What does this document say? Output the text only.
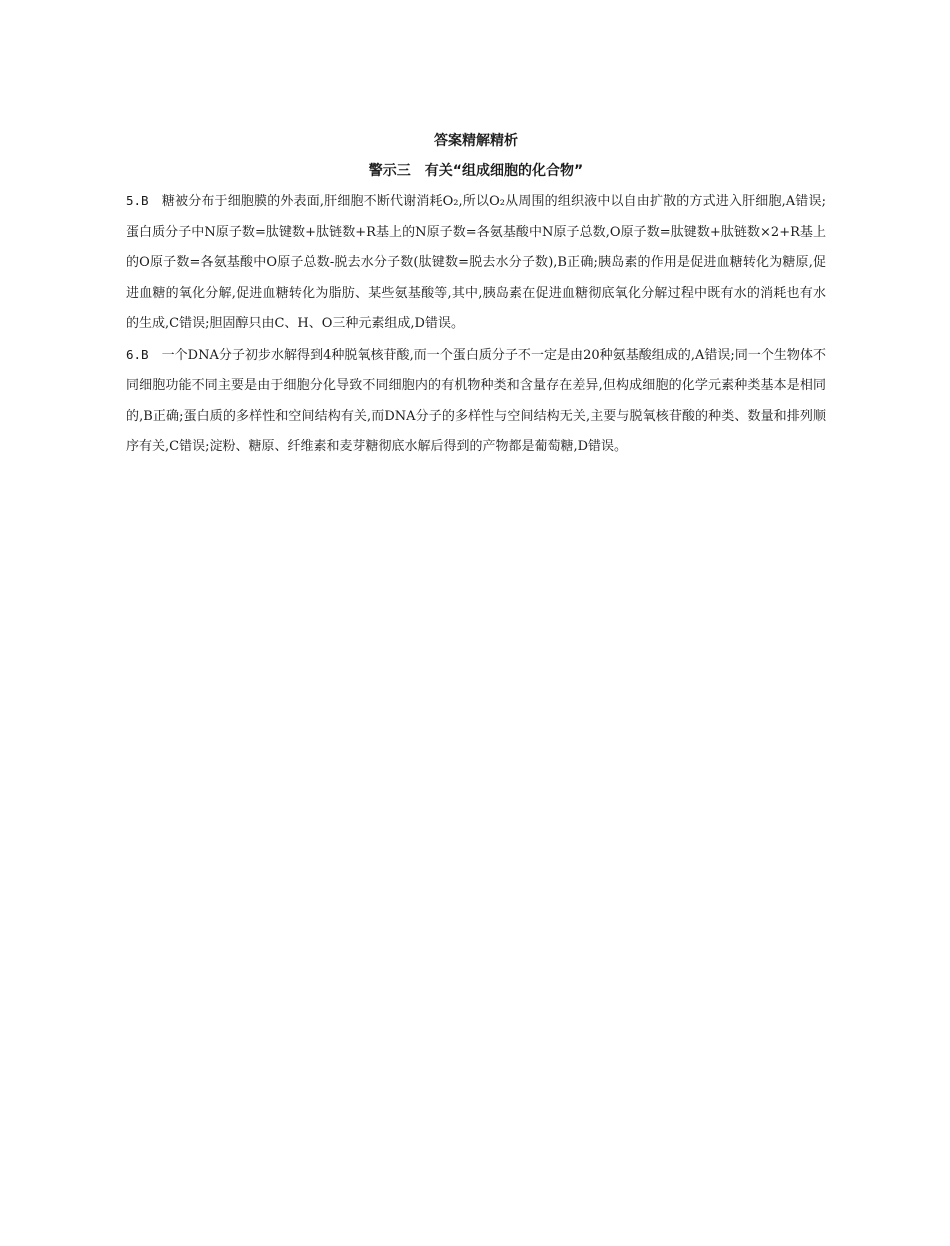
答案精解精析
警示三　有关“组成细胞的化合物”

5.B　糖被分布于细胞膜的外表面,肝细胞不断代谢消耗O₂,所以O₂从周围的组织液中以自由扩散的方式进入肝细胞,A错误;蛋白质分子中N原子数=肽键数+肽链数+R基上的N原子数=各氨基酸中N原子总数,O原子数=肽键数+肽链数×2+R基上的O原子数=各氨基酸中O原子总数-脱去水分子数(肽键数=脱去水分子数),B正确;胰岛素的作用是促进血糖转化为糖原,促进血糖的氧化分解,促进血糖转化为脂肪、某些氨基酸等,其中,胰岛素在促进血糖彻底氧化分解过程中既有水的消耗也有水的生成,C错误;胆固醇只由C、H、O三种元素组成,D错误。

6.B　一个DNA分子初步水解得到4种脱氧核苷酸,而一个蛋白质分子不一定是由20种氨基酸组成的,A错误;同一个生物体不同细胞功能不同主要是由于细胞分化导致不同细胞内的有机物种类和含量存在差异,但构成细胞的化学元素种类基本是相同的,B正确;蛋白质的多样性和空间结构有关,而DNA分子的多样性与空间结构无关,主要与脱氧核苷酸的种类、数量和排列顺序有关,C错误;淀粉、糖原、纤维素和麦芽糖彻底水解后得到的产物都是葡萄糖,D错误。
